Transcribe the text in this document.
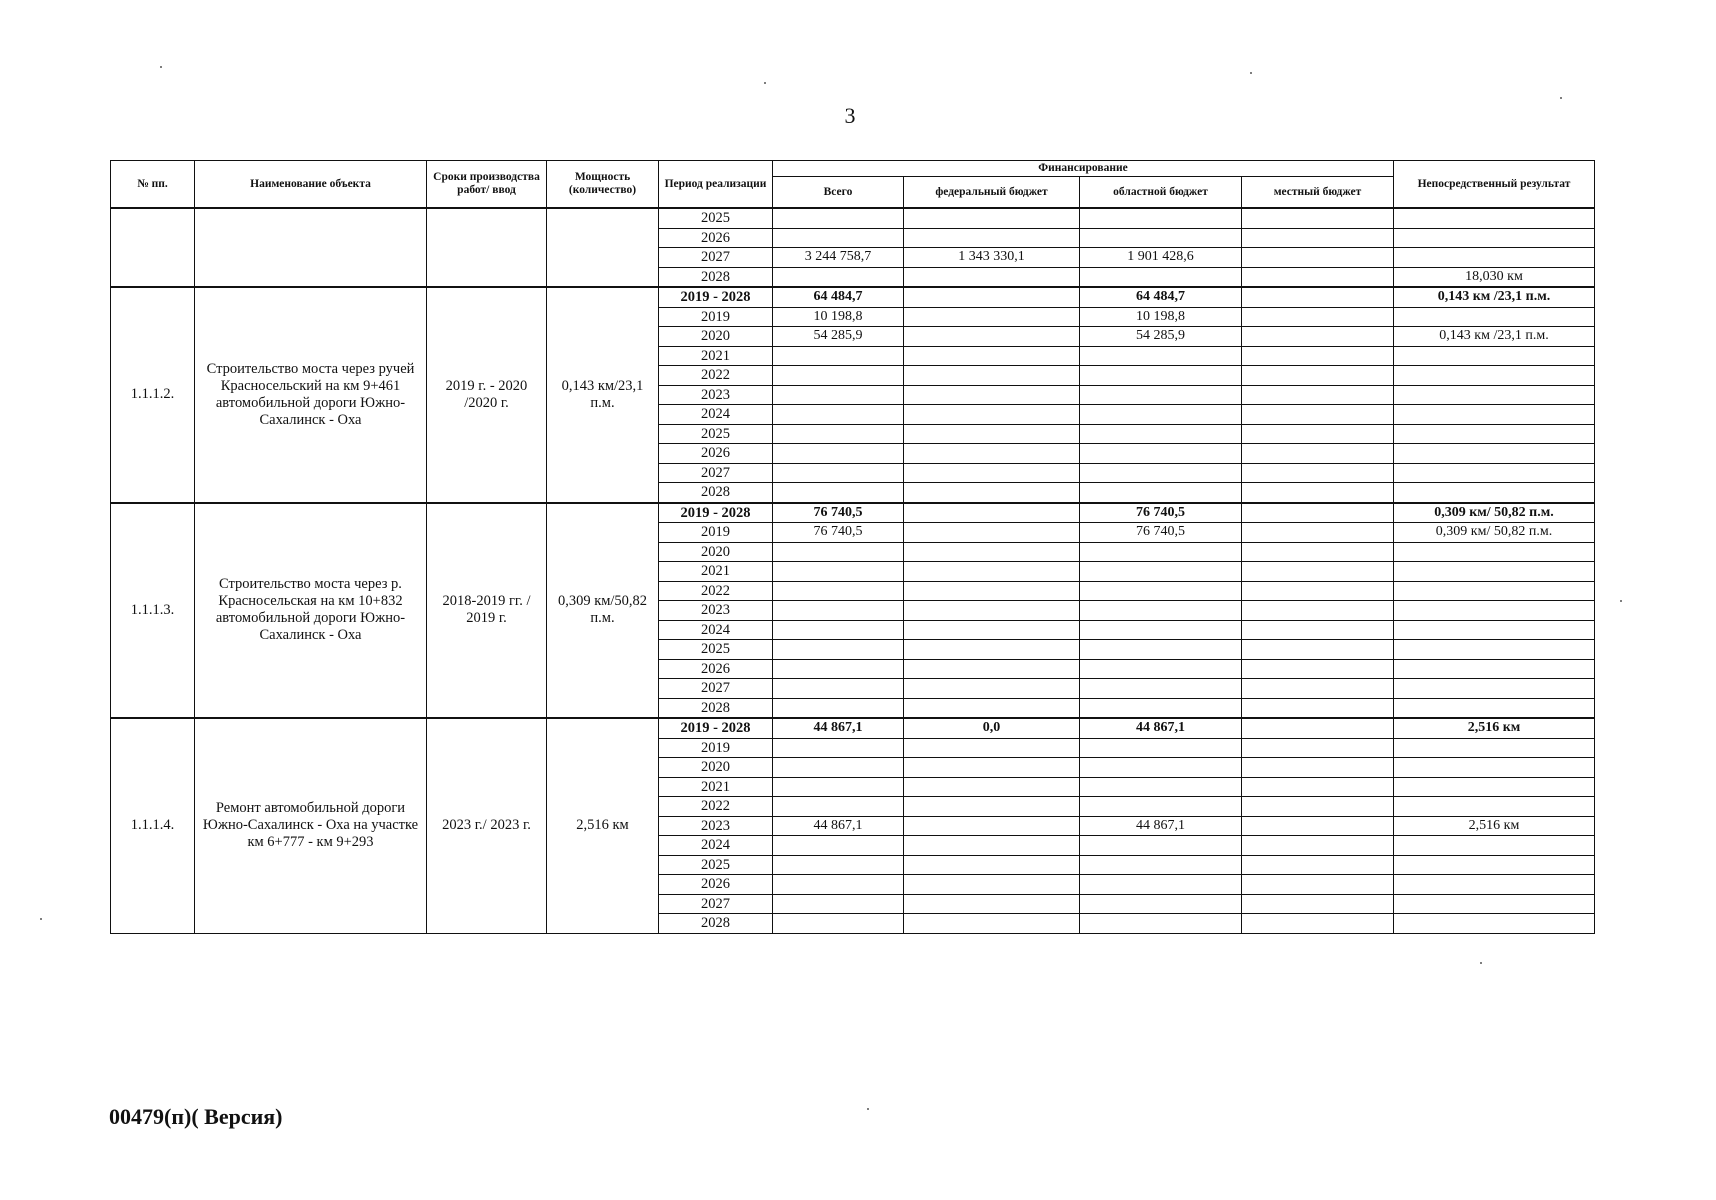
3
№ пп.	Наименование объекта	Сроки производства работ/ ввод	Мощность (количество)	Период реализации	Финансирование				Непосредственный результат
					Всего	федеральный бюджет	областной бюджет	местный бюджет	
				2025					
				2026					
				2027	3 244 758,7	1 343 330,1	1 901 428,6		
				2028					18,030 км
1.1.1.2.	Строительство моста через ручей Красносельский на км 9+461 автомобильной дороги Южно-Сахалинск - Оха	2019 г. - 2020 /2020 г.	0,143 км/23,1 п.м.	2019 - 2028	64 484,7		64 484,7		0,143 км /23,1 п.м.
				2019	10 198,8		10 198,8		
				2020	54 285,9		54 285,9		0,143 км /23,1 п.м.
				2021					
				2022					
				2023					
				2024					
				2025					
				2026					
				2027					
				2028					
1.1.1.3.	Строительство моста через р. Красносельская на км 10+832 автомобильной дороги Южно-Сахалинск - Оха	2018-2019 гг. / 2019 г.	0,309 км/50,82 п.м.	2019 - 2028	76 740,5		76 740,5		0,309 км/ 50,82 п.м.
				2019	76 740,5		76 740,5		0,309 км/ 50,82 п.м.
				2020					
				2021					
				2022					
				2023					
				2024					
				2025					
				2026					
				2027					
				2028					
1.1.1.4.	Ремонт автомобильной дороги Южно-Сахалинск - Оха на участке км 6+777 - км 9+293	2023 г./ 2023 г.	2,516 км	2019 - 2028	44 867,1	0,0	44 867,1		2,516 км
				2019					
				2020					
				2021					
				2022					
				2023	44 867,1		44 867,1		2,516 км
				2024					
				2025					
				2026					
				2027					
				2028					
00479(п)( Версия)
